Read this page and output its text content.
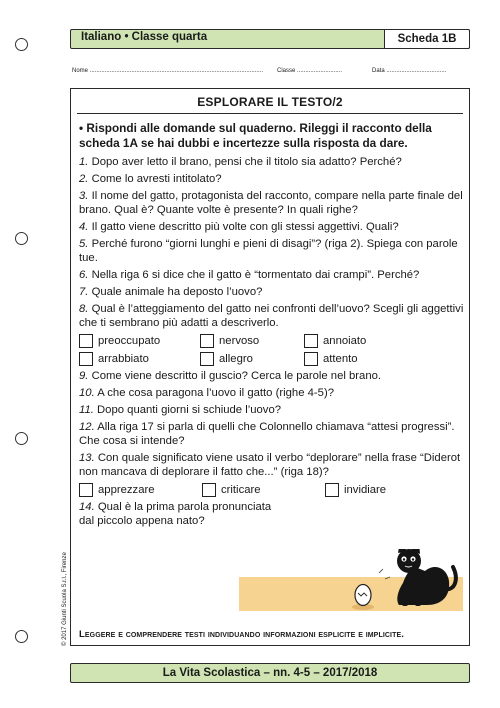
Italiano • Classe quarta	Scheda 1B
Nome ........................................................................................................ Classe ...........................	Data ....................................
ESPLORARE IL TESTO/2
• Rispondi alle domande sul quaderno. Rileggi il racconto della scheda 1A se hai dubbi e incertezze sulla risposta da dare.
1. Dopo aver letto il brano, pensi che il titolo sia adatto? Perché?
2. Come lo avresti intitolato?
3. Il nome del gatto, protagonista del racconto, compare nella parte finale del brano. Qual è? Quante volte è presente? In quali righe?
4. Il gatto viene descritto più volte con gli stessi aggettivi. Quali?
5. Perché furono “giorni lunghi e pieni di disagi”? (riga 2). Spiega con parole tue.
6. Nella riga 6 si dice che il gatto è “tormentato dai crampi”. Perché?
7. Quale animale ha deposto l’uovo?
8. Qual è l’atteggiamento del gatto nei confronti dell’uovo? Scegli gli aggettivi che ti sembrano più adatti a descriverlo.
preoccupato	nervoso	annoiato
arrabbiato	allegro	attento
9. Come viene descritto il guscio? Cerca le parole nel brano.
10. A che cosa paragona l’uovo il gatto (righe 4-5)?
11. Dopo quanti giorni si schiude l’uovo?
12. Alla riga 17 si parla di quelli che Colonnello chiamava “attesi progressi”. Che cosa si intende?
13. Con quale significato viene usato il verbo “deplorare” nella frase “Diderot non mancava di deplorare il fatto che...” (riga 18)?
apprezzare	criticare	invidiare
14. Qual è la prima parola pronunciata dal piccolo appena nato?
Leggere e comprendere testi individuando informazioni esplicite e implicite.
© 2017 Giunti Scuola S.r.l., Firenze
La Vita Scolastica – nn. 4-5 – 2017/2018
